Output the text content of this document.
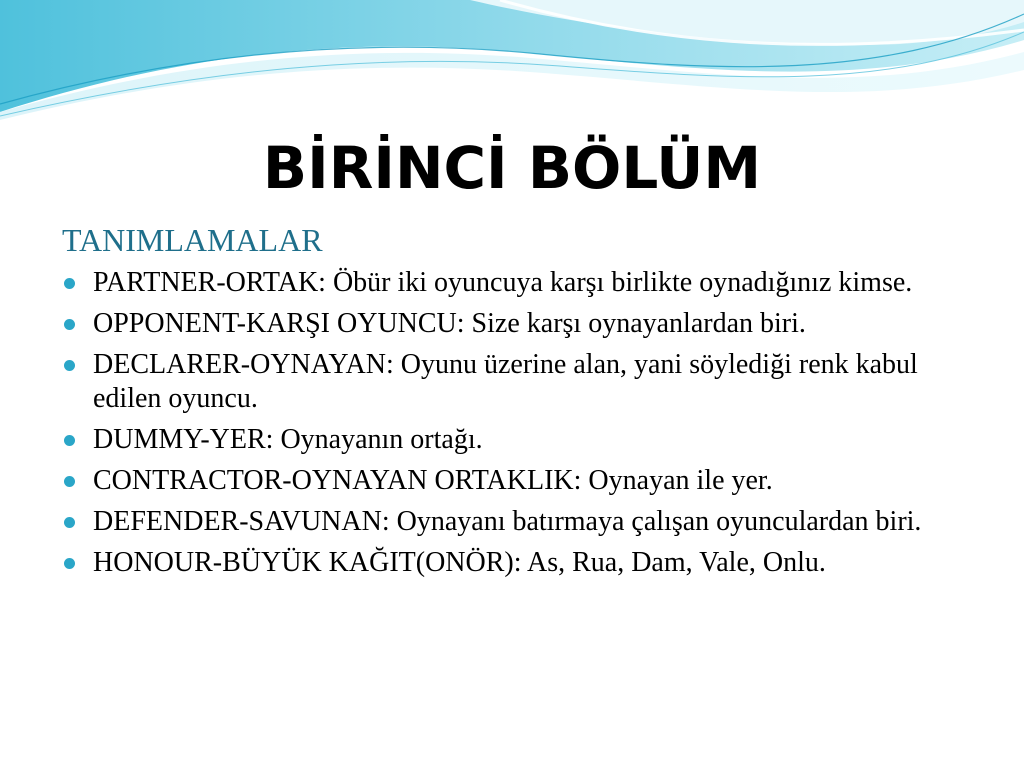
BİRİNCİ BÖLÜM
TANIMLAMALAR
PARTNER-ORTAK: Öbür iki oyuncuya karşı birlikte oynadığınız kimse.
OPPONENT-KARŞI OYUNCU: Size karşı oynayanlardan biri.
DECLARER-OYNAYAN: Oyunu üzerine alan, yani söylediği renk kabul edilen oyuncu.
DUMMY-YER: Oynayanın ortağı.
CONTRACTOR-OYNAYAN ORTAKLIK: Oynayan ile yer.
DEFENDER-SAVUNAN: Oynayanı batırmaya çalışan oyunculardan biri.
HONOUR-BÜYÜK KAĞIT(ONÖR): As, Rua, Dam, Vale, Onlu.
